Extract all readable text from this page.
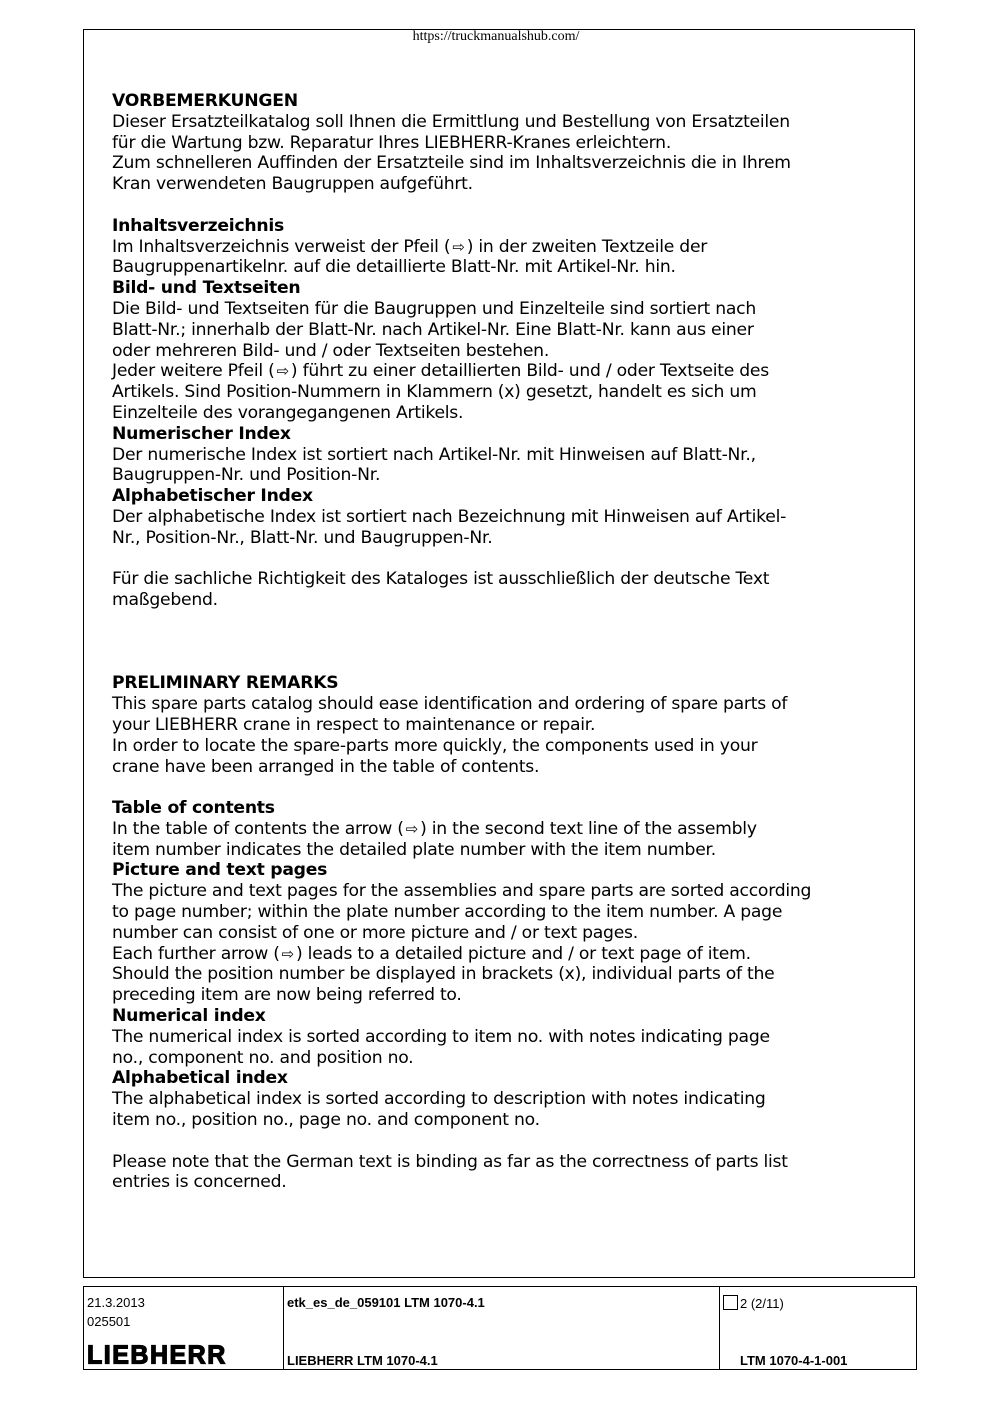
https://truckmanualshub.com/

VORBEMERKUNGEN

Dieser Ersatzteilkatalog soll Ihnen die Ermittlung und Bestellung von Ersatzteilen

für die Wartung bzw. Reparatur Ihres LIEBHERR-Kranes erleichtern.

Zum schnelleren Auffinden der Ersatzteile sind im Inhaltsverzeichnis die in Ihrem

Kran verwendeten Baugruppen aufgeführt.

Inhaltsverzeichnis

Im Inhaltsverzeichnis verweist der Pfeil ( ⇨ ) in der zweiten Textzeile der

Baugruppenartikelnr. auf die detaillierte Blatt-Nr. mit Artikel-Nr. hin.

Bild- und Textseiten

Die Bild- und Textseiten für die Baugruppen und Einzelteile sind sortiert nach

Blatt-Nr.; innerhalb der Blatt-Nr. nach Artikel-Nr. Eine Blatt-Nr. kann aus einer

oder mehreren Bild- und / oder Textseiten bestehen.

Jeder weitere Pfeil ( ⇨ ) führt zu einer detaillierten Bild- und / oder Textseite des

Artikels. Sind Position-Nummern in Klammern (x) gesetzt, handelt es sich um

Einzelteile des vorangegangenen Artikels.

Numerischer Index

Der numerische Index ist sortiert nach Artikel-Nr. mit Hinweisen auf Blatt-Nr.,

Baugruppen-Nr. und Position-Nr.

Alphabetischer Index

Der alphabetische Index ist sortiert nach Bezeichnung mit Hinweisen auf Artikel-

Nr., Position-Nr., Blatt-Nr. und Baugruppen-Nr.

Für die sachliche Richtigkeit des Kataloges ist ausschließlich der deutsche Text

maßgebend.

PRELIMINARY REMARKS

This spare parts catalog should ease identification and ordering of spare parts of

your LIEBHERR crane in respect to maintenance or repair.

In order to locate the spare-parts more quickly, the components used in your

crane have been arranged in the table of contents.

Table of contents

In the table of contents the arrow ( ⇨ ) in the second text line of the assembly

item number indicates the detailed plate number with the item number.

Picture and text pages

The picture and text pages for the assemblies and spare parts are sorted according

to page number; within the plate number according to the item number. A page

number can consist of one or more picture and / or text pages.

Each further arrow ( ⇨ ) leads to a detailed picture and / or text page of item.

Should the position number be displayed in brackets (x), individual parts of the

preceding item are now being referred to.

Numerical index

The numerical index is sorted according to item no. with notes indicating page

no., component no. and position no.

Alphabetical index

The alphabetical index is sorted according to description with notes indicating

item no., position no., page no. and component no.

Please note that the German text is binding as far as the correctness of parts list

entries is concerned.

21.3.2013
025501
LIEBHERR
etk_es_de_059101 LTM 1070-4.1
LIEBHERR LTM 1070-4.1
2 (2/11)
LTM 1070-4-1-001
